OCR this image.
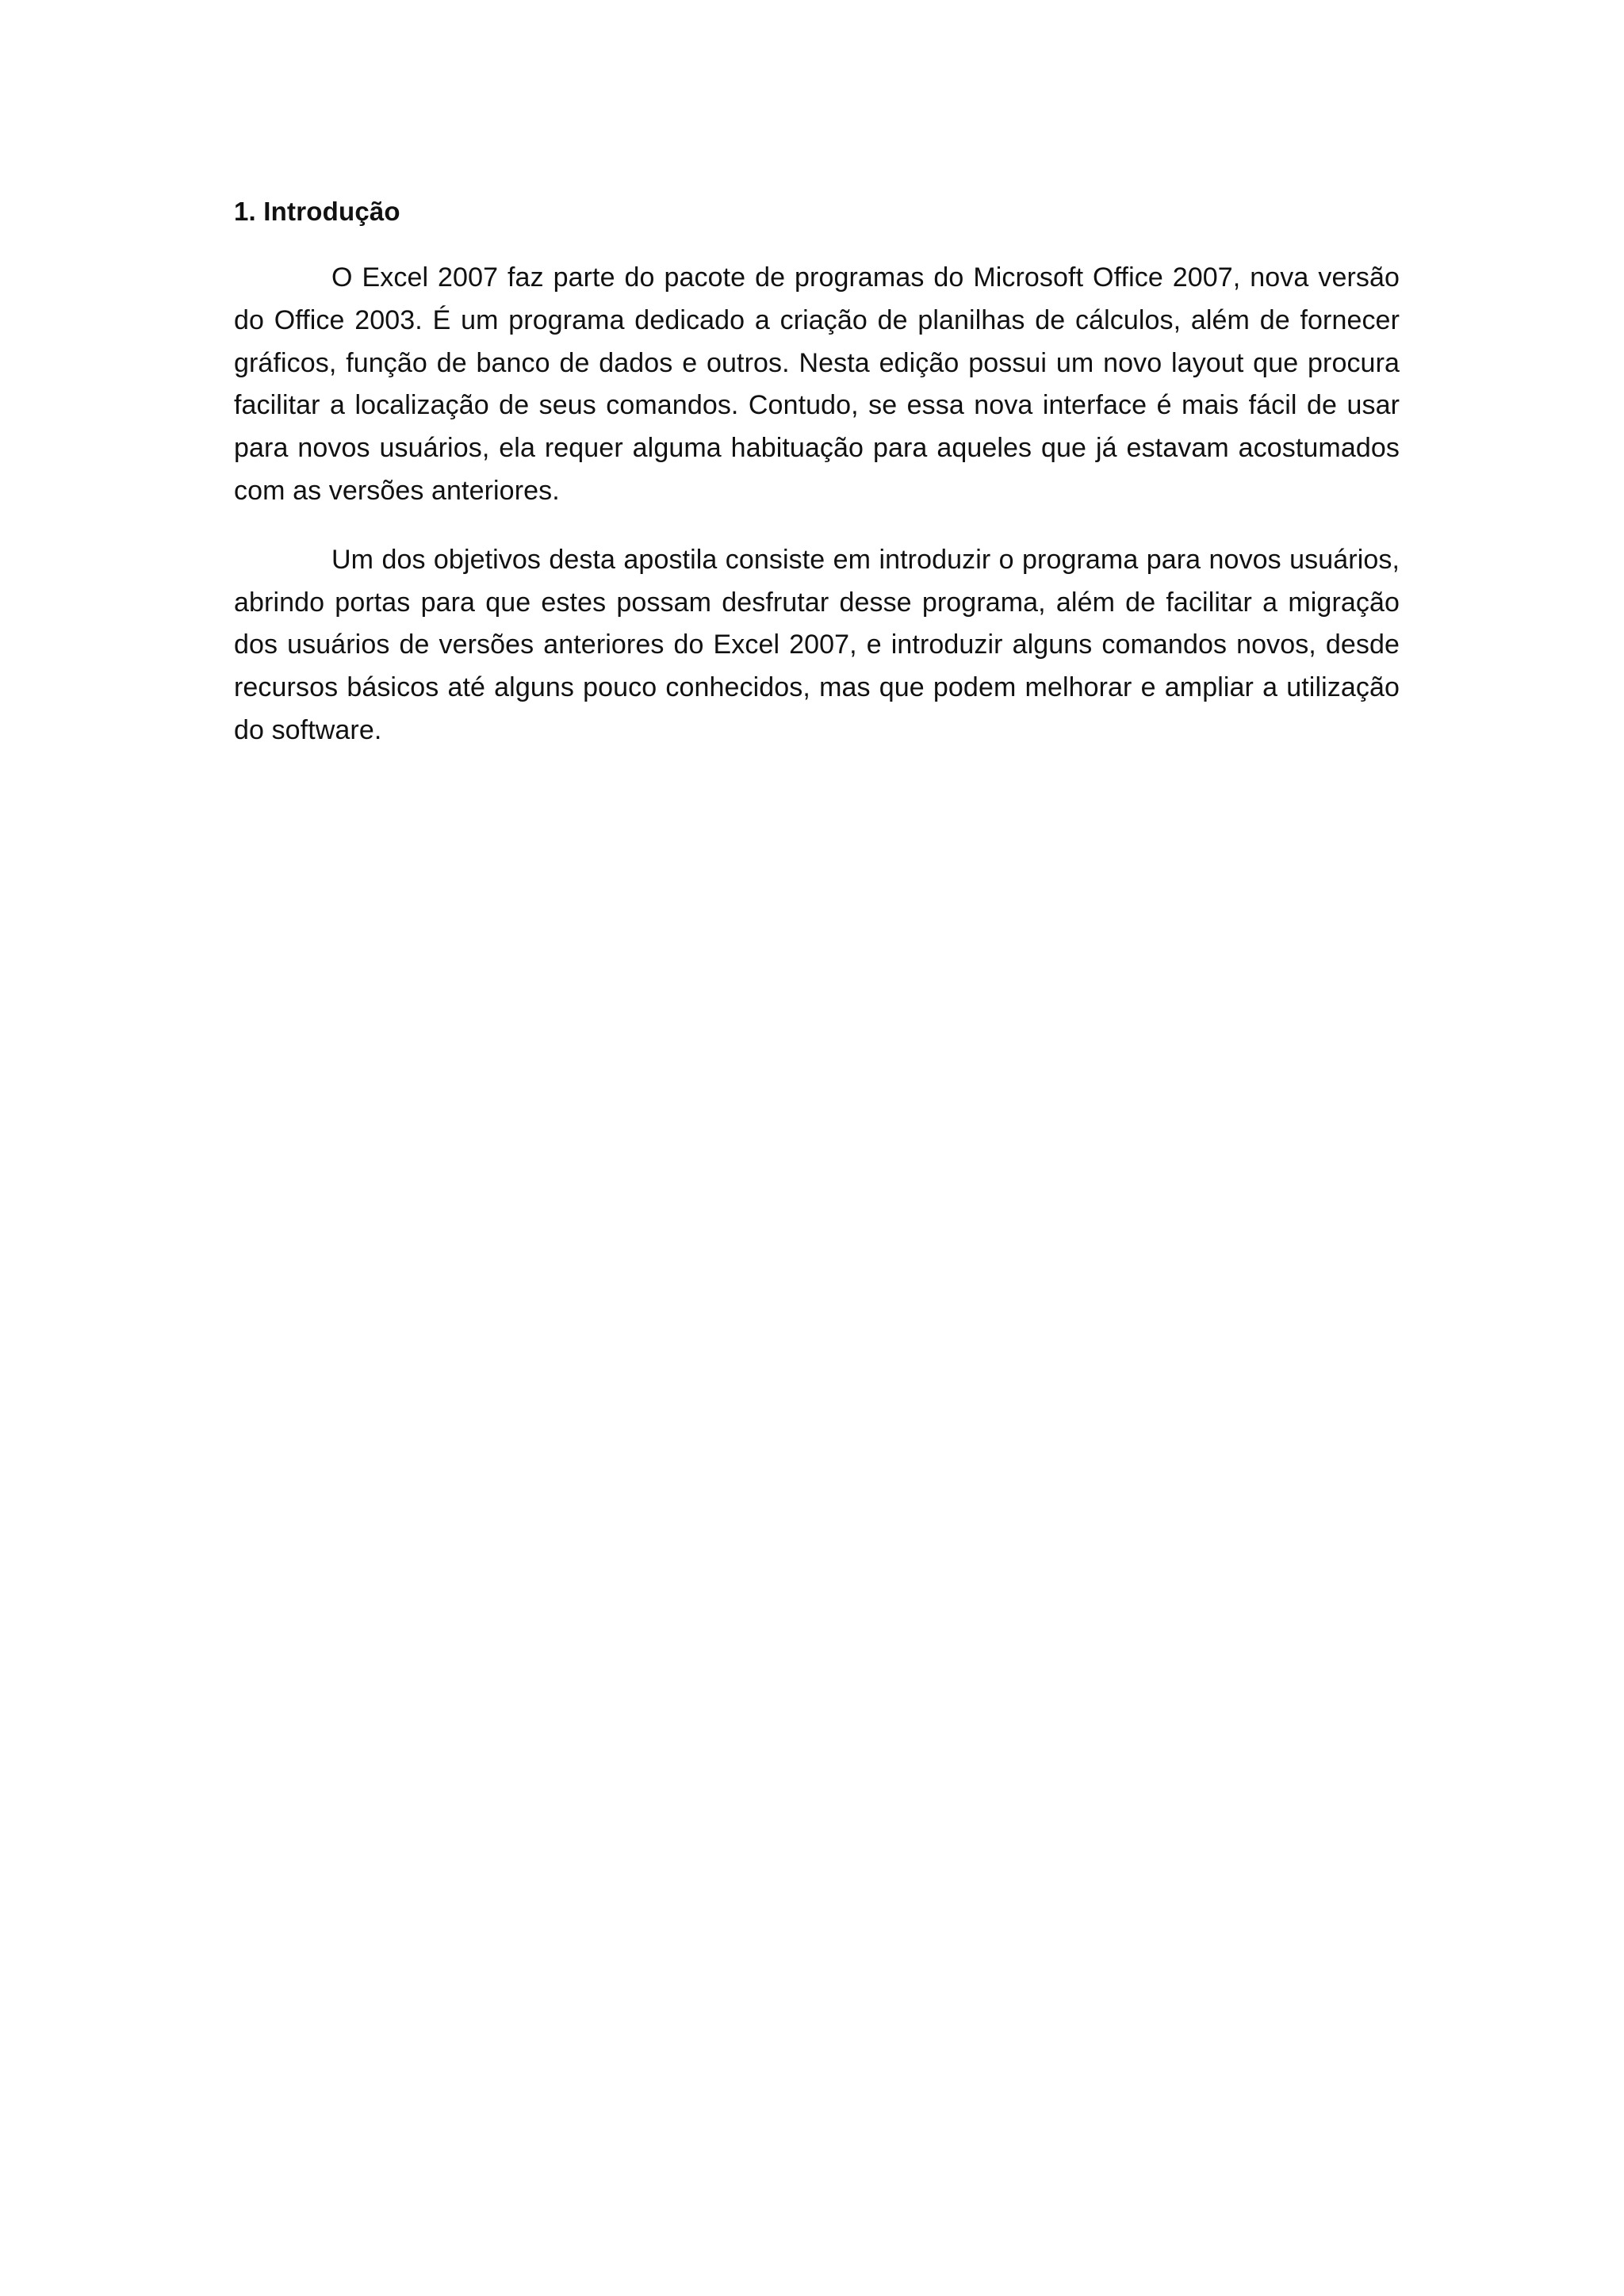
1. Introdução

O Excel 2007 faz parte do pacote de programas do Microsoft Office 2007, nova versão do Office 2003. É um programa dedicado a criação de planilhas de cálculos, além de fornecer gráficos, função de banco de dados e outros. Nesta edição possui um novo layout que procura facilitar a localização de seus comandos. Contudo, se essa nova interface é mais fácil de usar para novos usuários, ela requer alguma habituação para aqueles que já estavam acostumados com as versões anteriores.

Um dos objetivos desta apostila consiste em introduzir o programa para novos usuários, abrindo portas para que estes possam desfrutar desse programa, além de facilitar a migração dos usuários de versões anteriores do Excel 2007, e introduzir alguns comandos novos, desde recursos básicos até alguns pouco conhecidos, mas que podem melhorar e ampliar a utilização do software.
